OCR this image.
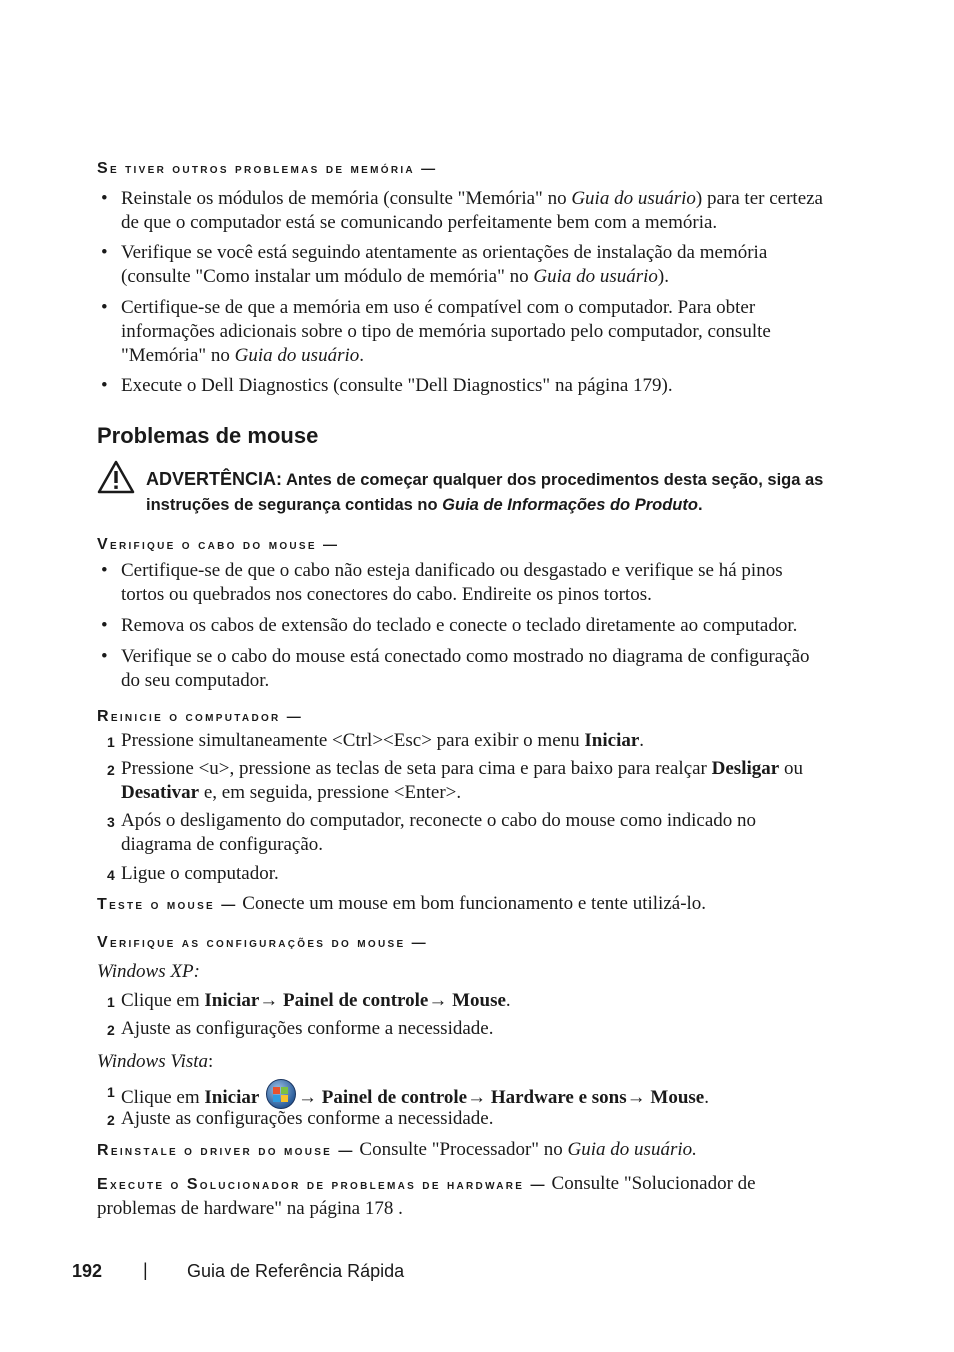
Se tiver outros problemas de memória —
• Reinstale os módulos de memória (consulte "Memória" no Guia do usuário) para ter certeza de que o computador está se comunicando perfeitamente bem com a memória.
• Verifique se você está seguindo atentamente as orientações de instalação da memória (consulte "Como instalar um módulo de memória" no Guia do usuário).
• Certifique-se de que a memória em uso é compatível com o computador. Para obter informações adicionais sobre o tipo de memória suportado pelo computador, consulte "Memória" no Guia do usuário.
• Execute o Dell Diagnostics (consulte "Dell Diagnostics" na página 179).
Problemas de mouse
ADVERTÊNCIA: Antes de começar qualquer dos procedimentos desta seção, siga as instruções de segurança contidas no Guia de Informações do Produto.
Verifique o cabo do mouse —
• Certifique-se de que o cabo não esteja danificado ou desgastado e verifique se há pinos tortos ou quebrados nos conectores do cabo. Endireite os pinos tortos.
• Remova os cabos de extensão do teclado e conecte o teclado diretamente ao computador.
• Verifique se o cabo do mouse está conectado como mostrado no diagrama de configuração do seu computador.
Reinicie o computador —
1 Pressione simultaneamente <Ctrl><Esc> para exibir o menu Iniciar.
2 Pressione <u>, pressione as teclas de seta para cima e para baixo para realçar Desligar ou Desativar e, em seguida, pressione <Enter>.
3 Após o desligamento do computador, reconecte o cabo do mouse como indicado no diagrama de configuração.
4 Ligue o computador.
Teste o mouse — Conecte um mouse em bom funcionamento e tente utilizá-lo.
Verifique as configurações do mouse —
Windows XP:
1 Clique em Iniciar→ Painel de controle→ Mouse.
2 Ajuste as configurações conforme a necessidade.
Windows Vista:
1 Clique em Iniciar → Painel de controle→ Hardware e sons→ Mouse.
2 Ajuste as configurações conforme a necessidade.
Reinstale o driver do mouse — Consulte "Processador" no Guia do usuário.
Execute o Solucionador de problemas de hardware — Consulte "Solucionador de problemas de hardware" na página 178 .
192 | Guia de Referência Rápida
